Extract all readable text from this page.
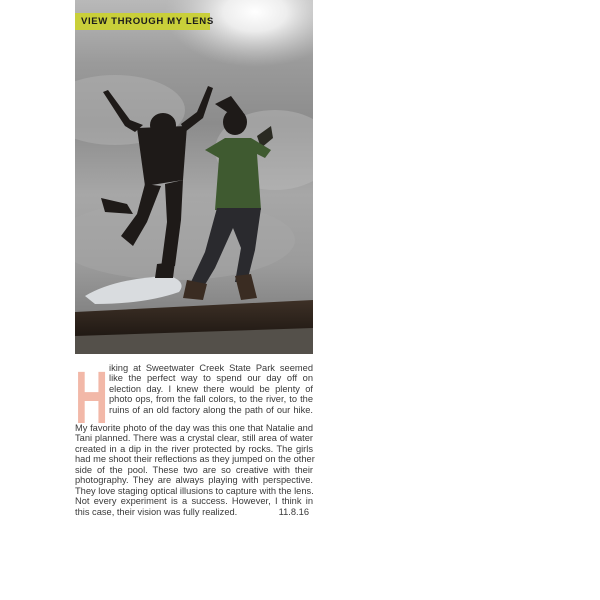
VIEW THROUGH MY LENS
H iking at Sweetwater Creek State Park seemed
like the perfect way to spend our day off on
election day. I knew there would be plenty of
photo ops, from the fall colors, to the river, to the
ruins of an old factory along the path of our hike.
My favorite photo of the day was this one that Natalie and
Tani planned. There was a crystal clear, still area of water
created in a dip in the river protected by rocks. The girls
had me shoot their reflections as they jumped on the other
side of the pool. These two are so creative with their
photography. They are always playing with perspective.
They love staging optical illusions to capture with the lens.
Not every experiment is a success. However, I think in
this case, their vision was fully realized.	11.8.16
